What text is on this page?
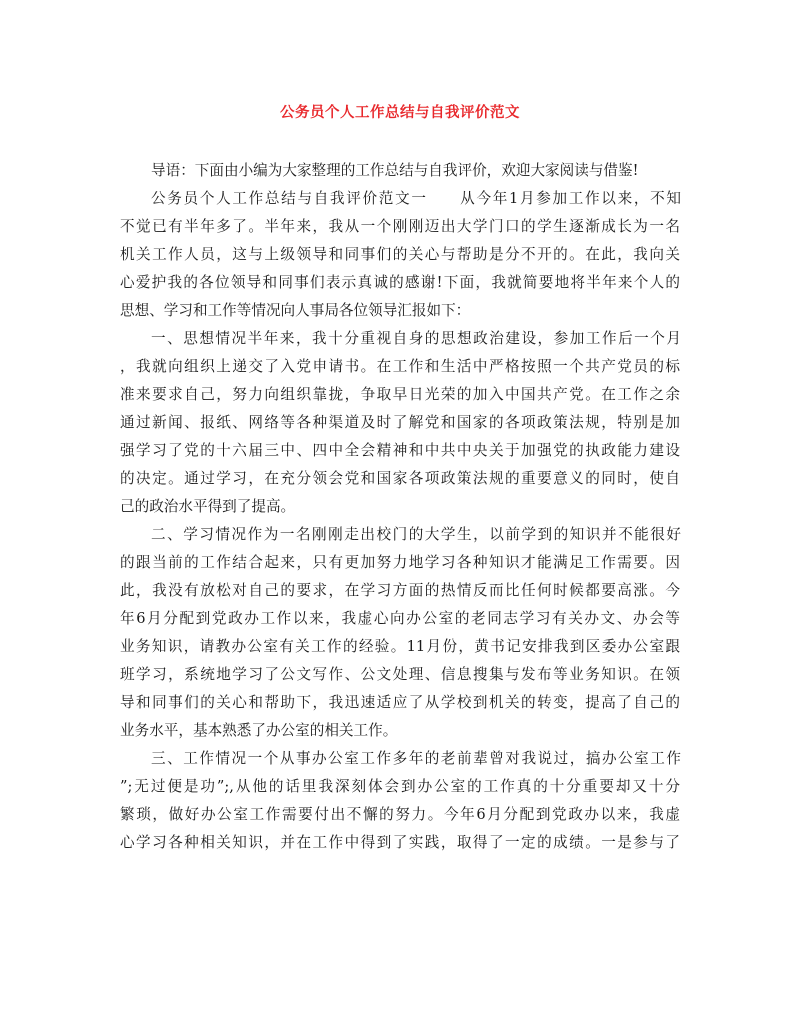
公务员个人工作总结与自我评价范文
导语：下面由小编为大家整理的工作总结与自我评价，欢迎大家阅读与借鉴!
公务员个人工作总结与自我评价范文一　　从今年1月参加工作以来，不知
不觉已有半年多了。半年来，我从一个刚刚迈出大学门口的学生逐渐成长为一名
机关工作人员，这与上级领导和同事们的关心与帮助是分不开的。在此，我向关
心爱护我的各位领导和同事们表示真诚的感谢!下面，我就简要地将半年来个人的
思想、学习和工作等情况向人事局各位领导汇报如下：
一、思想情况半年来，我十分重视自身的思想政治建设，参加工作后一个月
，我就向组织上递交了入党申请书。在工作和生活中严格按照一个共产党员的标
准来要求自己，努力向组织靠拢，争取早日光荣的加入中国共产党。在工作之余
通过新闻、报纸、网络等各种渠道及时了解党和国家的各项政策法规，特别是加
强学习了党的十六届三中、四中全会精神和中共中央关于加强党的执政能力建设
的决定。通过学习，在充分领会党和国家各项政策法规的重要意义的同时，使自
己的政治水平得到了提高。
二、学习情况作为一名刚刚走出校门的大学生，以前学到的知识并不能很好
的跟当前的工作结合起来，只有更加努力地学习各种知识才能满足工作需要。因
此，我没有放松对自己的要求，在学习方面的热情反而比任何时候都要高涨。今
年6月分配到党政办工作以来，我虚心向办公室的老同志学习有关办文、办会等
业务知识，请教办公室有关工作的经验。11月份，黄书记安排我到区委办公室跟
班学习，系统地学习了公文写作、公文处理、信息搜集与发布等业务知识。在领
导和同事们的关心和帮助下，我迅速适应了从学校到机关的转变，提高了自己的
业务水平，基本熟悉了办公室的相关工作。
三、工作情况一个从事办公室工作多年的老前辈曾对我说过，搞办公室工作
”;无过便是功”;,从他的话里我深刻体会到办公室的工作真的十分重要却又十分
繁琐，做好办公室工作需要付出不懈的努力。今年6月分配到党政办以来，我虚
心学习各种相关知识，并在工作中得到了实践，取得了一定的成绩。一是参与了
